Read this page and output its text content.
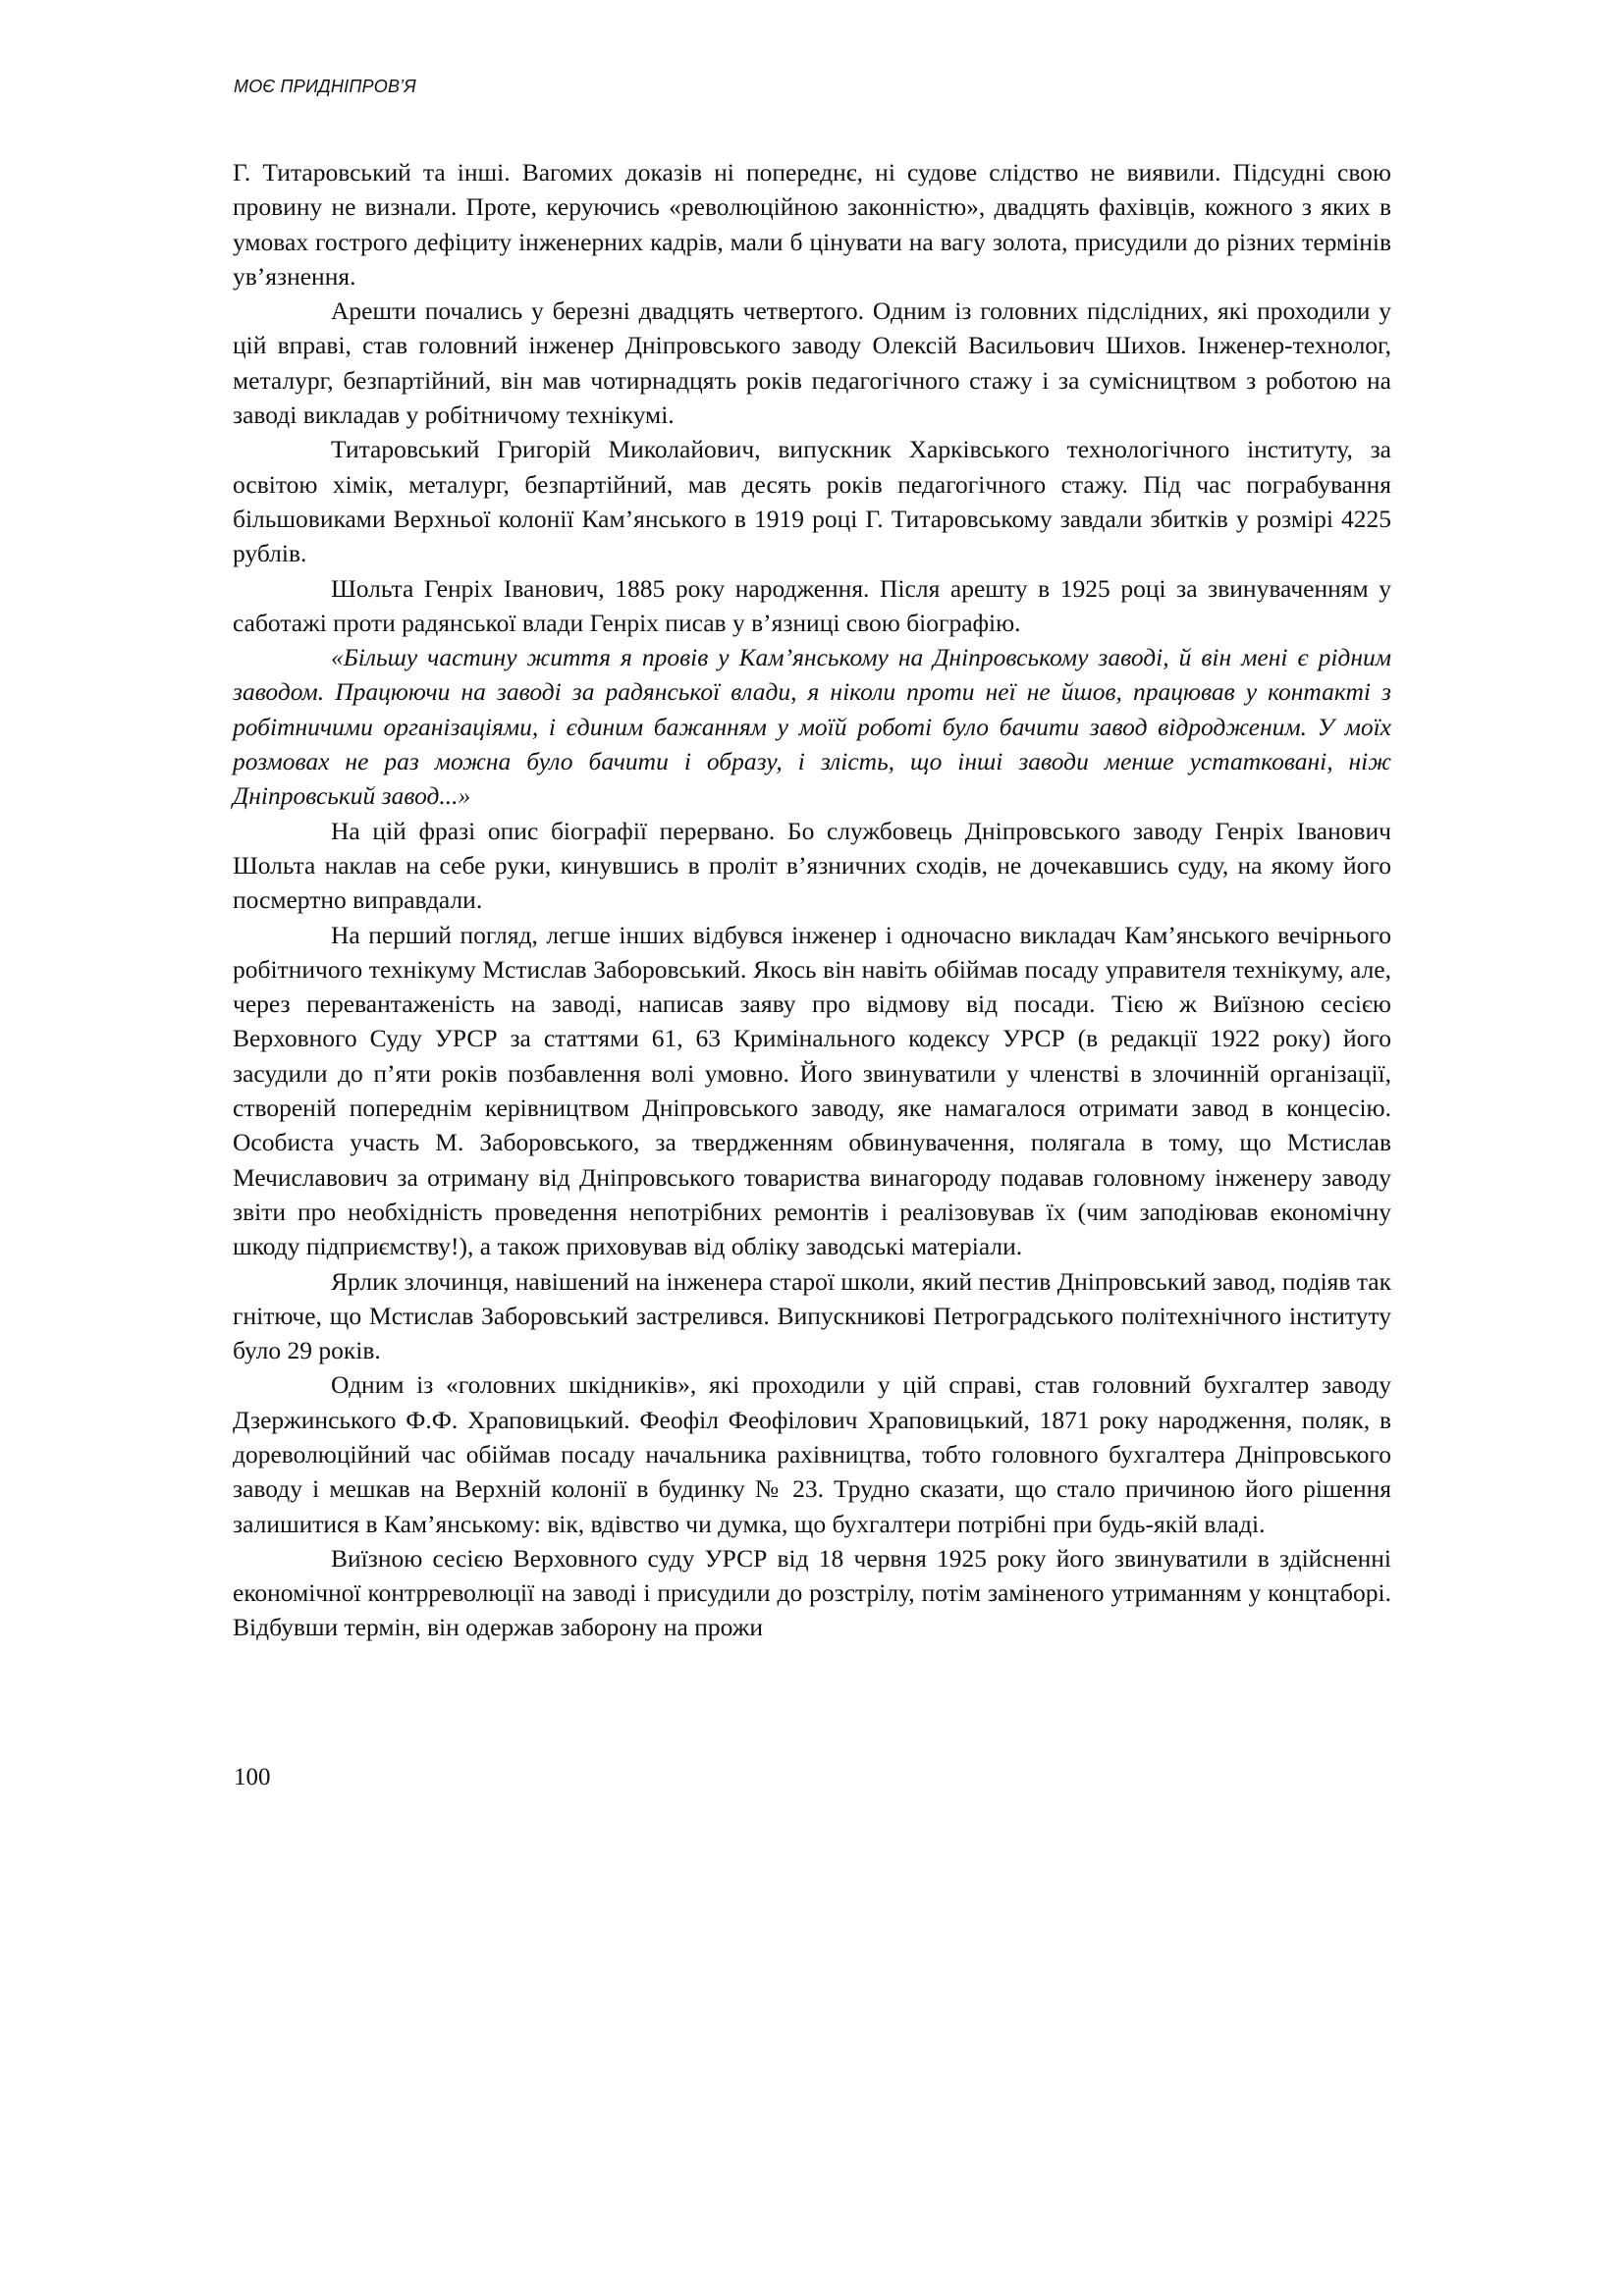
МОЄ ПРИДНІПРОВ’Я

Г. Титаровський та інші. Вагомих доказів ні попереднє, ні судове слідство не виявили. Підсудні свою провину не визнали. Проте, керуючись «революційною законністю», двадцять фахівців, кожного з яких в умовах гострого дефіциту інженерних кадрів, мали б цінувати на вагу золота, присудили до різних термінів ув’язнення.

Арешти почались у березні двадцять четвертого. Одним із головних підслідних, які проходили у цій вправі, став головний інженер Дніпровського заводу Олексій Васильович Шихов. Інженер-технолог, металург, безпартійний, він мав чотирнадцять років педагогічного стажу і за сумісництвом з роботою на заводі викладав у робітничому технікумі.

Титаровський Григорій Миколайович, випускник Харківського технологічного інституту, за освітою хімік, металург, безпартійний, мав десять років педагогічного стажу. Під час пограбування більшовиками Верхньої колонії Кам’янського в 1919 році Г. Титаровському завдали збитків у розмірі 4225 рублів.

Шольта Генріх Іванович, 1885 року народження. Після арешту в 1925 році за звинуваченням у саботажі проти радянської влади Генріх писав у в’язниці свою біографію.

«Більшу частину життя я провів у Кам’янському на Дніпровському заводі, й він мені є рідним заводом. Працюючи на заводі за радянської влади, я ніколи проти неї не йшов, працював у контакті з робітничими організаціями, і єдиним бажанням у моїй роботі було бачити завод відродженим. У моїх розмовах не раз можна було бачити і образу, і злість, що інші заводи менше устатковані, ніж Дніпровський завод...»

На цій фразі опис біографії перервано. Бо службовець Дніпровського заводу Генріх Іванович Шольта наклав на себе руки, кинувшись в проліт в’язничних сходів, не дочекавшись суду, на якому його посмертно виправдали.

На перший погляд, легше інших відбувся інженер і одночасно викладач Кам’янського вечірнього робітничого технікуму Мстислав Заборовський. Якось він навіть обіймав посаду управителя технікуму, але, через перевантаженість на заводі, написав заяву про відмову від посади. Тією ж Виїзною сесією Верховного Суду УРСР за статтями 61, 63 Кримінального кодексу УРСР (в редакції 1922 року) його засудили до п’яти років позбавлення волі умовно. Його звинуватили у членстві в злочинній організації, створеній попереднім керівництвом Дніпровського заводу, яке намагалося отримати завод в концесію. Особиста участь М. Заборовського, за твердженням обвинувачення, полягала в тому, що Мстислав Мечиславович за отриману від Дніпровського товариства винагороду подавав головному інженеру заводу звіти про необхідність проведення непотрібних ремонтів і реалізовував їх (чим заподіював економічну шкоду підприємству!), а також приховував від обліку заводські матеріали.

Ярлик злочинця, навішений на інженера старої школи, який пестив Дніпровський завод, подіяв так гнітюче, що Мстислав Заборовський застрелився. Випускникові Петроградського політехнічного інституту було 29 років.

Одним із «головних шкідників», які проходили у цій справі, став головний бухгалтер заводу Дзержинського Ф.Ф. Храповицький. Феофіл Феофілович Храповицький, 1871 року народження, поляк, в дореволюційний час обіймав посаду начальника рахівництва, тобто головного бухгалтера Дніпровського заводу і мешкав на Верхній колонії в будинку № 23. Трудно сказати, що стало причиною його рішення залишитися в Кам’янському: вік, вдівство чи думка, що бухгалтери потрібні при будь-якій владі.

Виїзною сесією Верховного суду УРСР від 18 червня 1925 року його звинуватили в здійсненні економічної контрреволюції на заводі і присудили до розстрілу, потім заміненого утриманням у концтаборі. Відбувши термін, він одержав заборону на прожи

100
